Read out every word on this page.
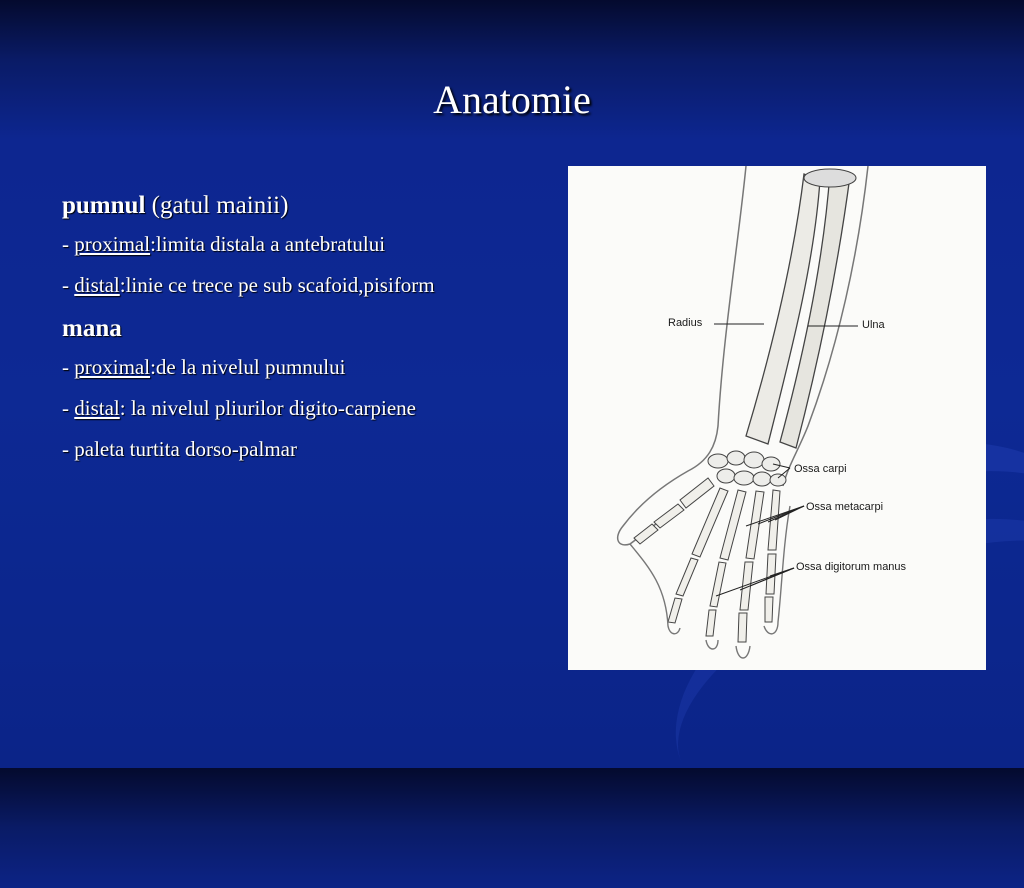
Anatomie
pumnul (gatul mainii)
- proximal:limita distala a antebratului
- distal:linie ce trece pe sub scafoid,pisiform
mana
- proximal:de la nivelul pumnului
- distal: la nivelul pliurilor digito-carpiene
- paleta turtita dorso-palmar
Radius	Ulna
Ossa carpi
Ossa metacarpi
Ossa digitorum manus
